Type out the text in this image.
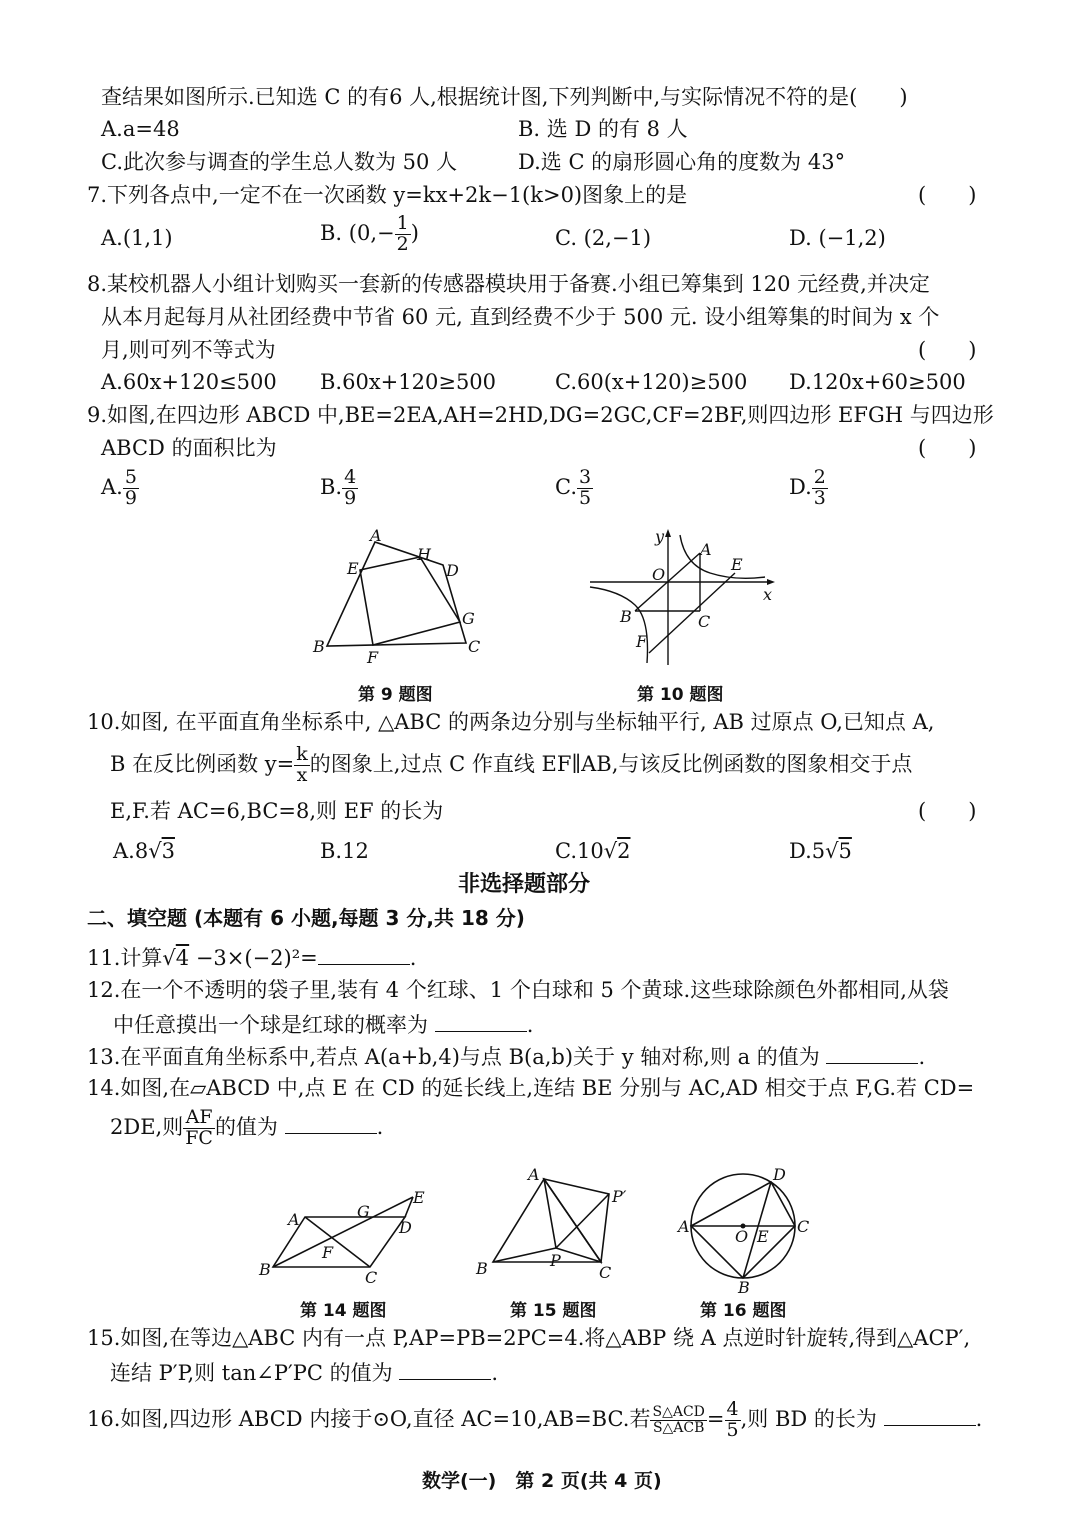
查结果如图所示.已知选 C 的有6 人,根据统计图,下列判断中,与实际情况不符的是(　　)
A.a=48	B. 选 D 的有 8 人
C.此次参与调查的学生总人数为 50 人	D.选 C 的扇形圆心角的度数为 43°
7.下列各点中,一定不在一次函数 y=kx+2k−1(k>0)图象上的是	(　　)
A.(1,1)	B. ($0,- \frac{1}{2}$ )	C. (2,−1)	D. (−1,2)
8.某校机器人小组计划购买一套新的传感器模块用于备赛.小组已筹集到 120 元经费,并决定
从本月起每月从社团经费中节省 60 元, 直到经费不少于 500 元. 设小组筹集的时间为 x 个
月,则可列不等式为	(　　)
A.60x+120≤500 B.60x+120≥500	C.60(x+120)≥500 D.120x+60≥500
9.如图,在四边形 ABCD 中,BE=2EA,AH=2HD,DG=2GC,CF=2BF,则四边形 EFGH 与四边形
ABCD 的面积比为	(　　)
A. $\frac{5}{9}$	B. $\frac{4}{9}$	C. $\frac{3}{5}$	D. $\frac{2}{3}$
A
H
E	D
G
B
F
C
第 9 题图
y
O
A
E
x
B	C
F
第 10 题图
10.如图, 在平面直角坐标系中, △ABC 的两条边分别与坐标轴平行, AB 过原点 O,已知点 A,
B 在反比例函数 $y= \frac{k}{x}$ 的图象上,过点 C 作直线 EF∥AB,与该反比例函数的图象相交于点
E,F.若 AC=6,BC=8,则 EF 的长为	(　　)
A.8√3	B.12	C.10√2	D.5√5
非选择题部分
二、填空题 (本题有 6 小题,每题 3 分,共 18 分)
11.计算√4 −3×(−2)²=	.
12.在一个不透明的袋子里,装有 4 个红球、1 个白球和 5 个黄球.这些球除颜色外都相同,从袋
中任意摸出一个球是红球的概率为	.
13.在平面直角坐标系中,若点 A(a+b,4)与点 B(a,b)关于 y 轴对称,则 a 的值为	.
14.如图,在▱ABCD 中,点 E 在 CD 的延长线上,连结 BE 分别与 AC,AD 相交于点 F,G.若 CD=
2DE,则 $\frac{AF}{FC}$ 的值为	.
A	G
E
D
F
B	C
第 14 题图
A
P′
P
B	C
第 15 题图
D
A
O E
C
B
第 16 题图
15.如图,在等边△ABC 内有一点 P,AP=PB=2PC=4.将△ABP 绕 A 点逆时针旋转,得到△ACP′,
连结 P′P,则 tan∠P′PC 的值为	.
16.如图,四边形 ABCD 内接于⊙O,直径 AC=10,AB=BC.若 $\frac{\text{S△ACD}}{\text{S△ACB}} = \frac{4}{5}$ ,则 BD 的长为	.
数学(一)　第 2 页(共 4 页)
